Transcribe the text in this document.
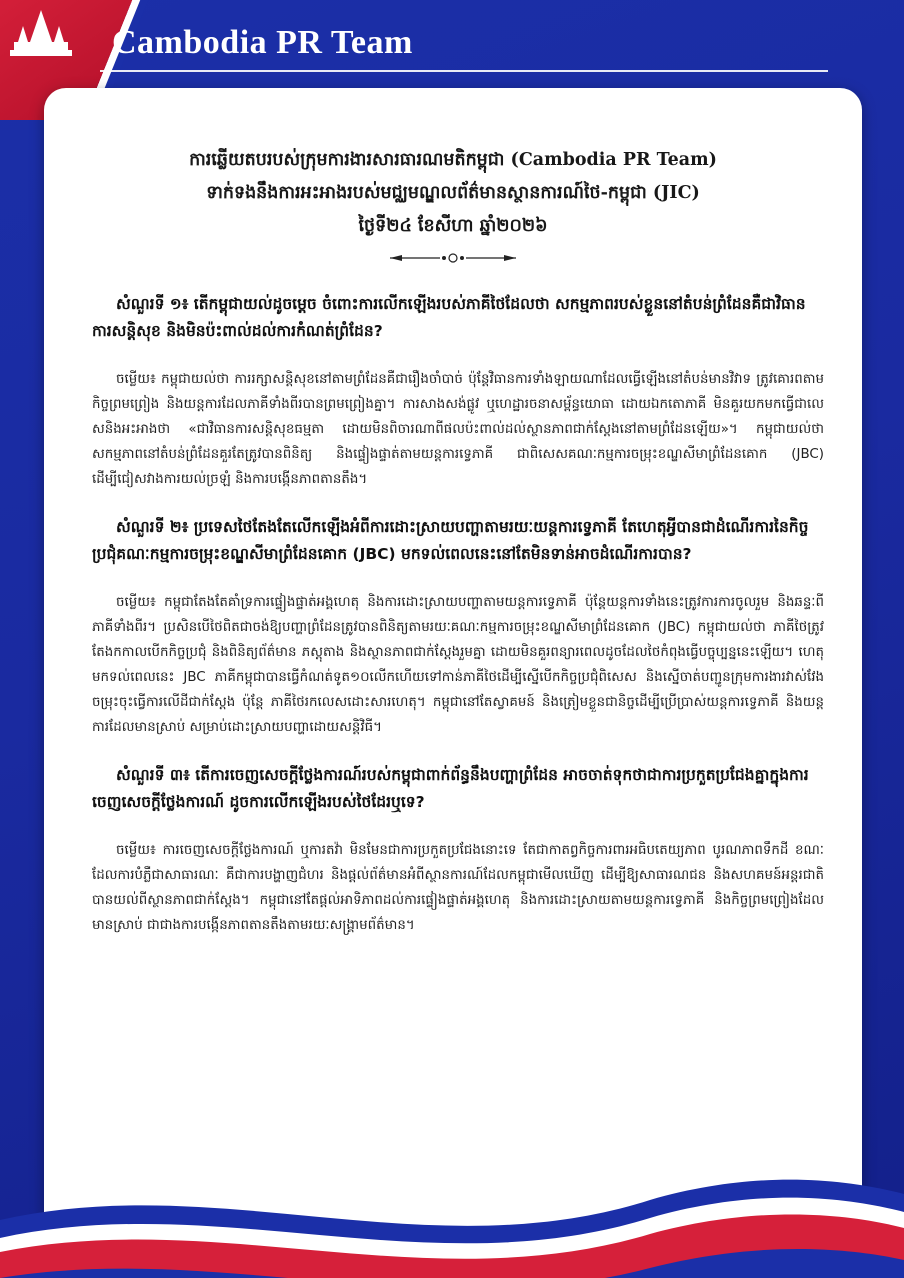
Cambodia PR Team
ការឆ្លើយតបរបស់ក្រុមការងារសារធារណមតិកម្ពុជា (Cambodia PR Team)
ទាក់ទងនឹងការអះអាងរបស់មជ្ឈមណ្ឌលព័ត៌មានស្ថានការណ៍ថៃ-កម្ពុជា (JIC)
ថ្ងៃទី២៤ ខែសីហា ឆ្នាំ២០២៦

សំណួរទី ១៖ តើកម្ពុជាយល់ដូចម្តេច ចំពោះការលើកឡើងរបស់ភាគីថៃដែលថា សកម្មភាពរបស់ខ្លួននៅតំបន់ព្រំដែនគឺជាវិធានការសន្តិសុខ និងមិនប៉ះពាល់ដល់ការកំណត់ព្រំដែន?

ចម្លើយ៖ កម្ពុជាយល់ថា ការរក្សាសន្តិសុខនៅតាមព្រំដែនគឺជារឿងចាំបាច់ ប៉ុន្តែវិធានការទាំងឡាយណាដែលធ្វើឡើងនៅតំបន់មានវិវាទ ត្រូវគោរពតាមកិច្ចព្រមព្រៀង និងយន្តការដែលភាគីទាំងពីរបានព្រមព្រៀងគ្នា។ ការសាងសង់ផ្លូវ ឬហេដ្ឋារចនាសម្ព័ន្ធយោធា ដោយឯកតោភាគី មិនគួរយកមកធ្វើជាលេសនិងអះអាងថា «ជាវិធានការសន្តិសុខធម្មតា ដោយមិនពិចារណាពីផលប៉ះពាល់ដល់ស្ថានភាពជាក់ស្តែងនៅតាមព្រំដែនឡើយ»។ កម្ពុជាយល់ថា សកម្មភាពនៅតំបន់ព្រំដែនគួរតែត្រូវបានពិនិត្យ និងផ្ទៀងផ្ទាត់តាមយន្តការទ្វេភាគី ជាពិសេសគណៈកម្មការចម្រុះខណ្ឌសីមាព្រំដែនគោក (JBC) ដើម្បីជៀសវាងការយល់ច្រឡំ និងការបង្កើនភាពតានតឹង។

សំណួរទី ២៖ ប្រទេសថៃតែងតែលើកឡើងអំពីការដោះស្រាយបញ្ហាតាមរយៈយន្តការទ្វេភាគី តែហេតុអ្វីបានជាដំណើរការនៃកិច្ចប្រជុំគណៈកម្មការចម្រុះខណ្ឌសីមាព្រំដែនគោក (JBC) មកទល់ពេលនេះនៅតែមិនទាន់អាចដំណើរការបាន?

ចម្លើយ៖ កម្ពុជាតែងតែគាំទ្រការផ្ទៀងផ្ទាត់អង្គហេតុ និងការដោះស្រាយបញ្ហាតាមយន្តការទ្វេភាគី ប៉ុន្តែយន្តការទាំងនេះត្រូវការការចូលរួម និងឆន្ទៈពីភាគីទាំងពីរ។ ប្រសិនបើថៃពិតជាចង់ឱ្យបញ្ហាព្រំដែនត្រូវបានពិនិត្យតាមរយៈគណៈកម្មការចម្រុះខណ្ឌសីមាព្រំដែនគោក (JBC) កម្ពុជាយល់ថា ភាគីថៃត្រូវតែងកកាលបើកកិច្ចប្រជុំ និងពិនិត្យព័ត៌មាន ភស្តុតាង និងស្ថានភាពជាក់ស្តែងរួមគ្នា ដោយមិនគួរពន្យារពេលដូចដែលថៃកំពុងធ្វើបច្ចុប្បន្ននេះឡើយ។ ហេតុមកទល់ពេលនេះ JBC ភាគីកម្ពុជាបានធ្វើកំណត់ទូត១០លើកហើយទៅកាន់ភាគីថៃដើម្បីស្នើបើកកិច្ចប្រជុំពិសេស និងស្នើចាត់បញ្ជូនក្រុមការងារវាស់វែងចម្រុះចុះធ្វើការលើដីជាក់ស្តែង ប៉ុន្តែ ភាគីថៃរកលេសដោះសារហេតុ។ កម្ពុជានៅតែស្វាគមន៍ និងត្រៀមខ្លួនជានិច្ចដើម្បីប្រើប្រាស់យន្តការទ្វេភាគី និងយន្តការដែលមានស្រាប់ សម្រាប់ដោះស្រាយបញ្ហាដោយសន្តិវិធី។

សំណួរទី ៣៖ តើការចេញសេចក្តីថ្លែងការណ៍របស់កម្ពុជាពាក់ព័ន្ធនឹងបញ្ហាព្រំដែន អាចចាត់ទុកថាជាការប្រកួតប្រជែងគ្នាក្នុងការចេញសេចក្តីថ្លែងការណ៍ ដូចការលើកឡើងរបស់ថៃដែរឬទេ?

ចម្លើយ៖ ការចេញសេចក្តីថ្លែងការណ៍ ឬការតវ៉ា មិនមែនជាការប្រកួតប្រជែងនោះទេ តែជាកាតព្វកិច្ចការពារអធិបតេយ្យភាព បូរណភាពទឹកដី ខណៈដែលការបំភ្លឺជាសាធារណៈ គឺជាការបង្ហាញជំហរ និងផ្តល់ព័ត៌មានអំពីស្ថានការណ៍ដែលកម្ពុជាមើលឃើញ ដើម្បីឱ្យសាធារណជន និងសហគមន៍អន្តរជាតិបានយល់ពីស្ថានភាពជាក់ស្តែង។ កម្ពុជានៅតែផ្តល់អាទិភាពដល់ការផ្ទៀងផ្ទាត់អង្គហេតុ និងការដោះស្រាយតាមយន្តការទ្វេភាគី និងកិច្ចព្រមព្រៀងដែលមានស្រាប់ ជាជាងការបង្កើនភាពតានតឹងតាមរយៈសង្គ្រាមព័ត៌មាន។
